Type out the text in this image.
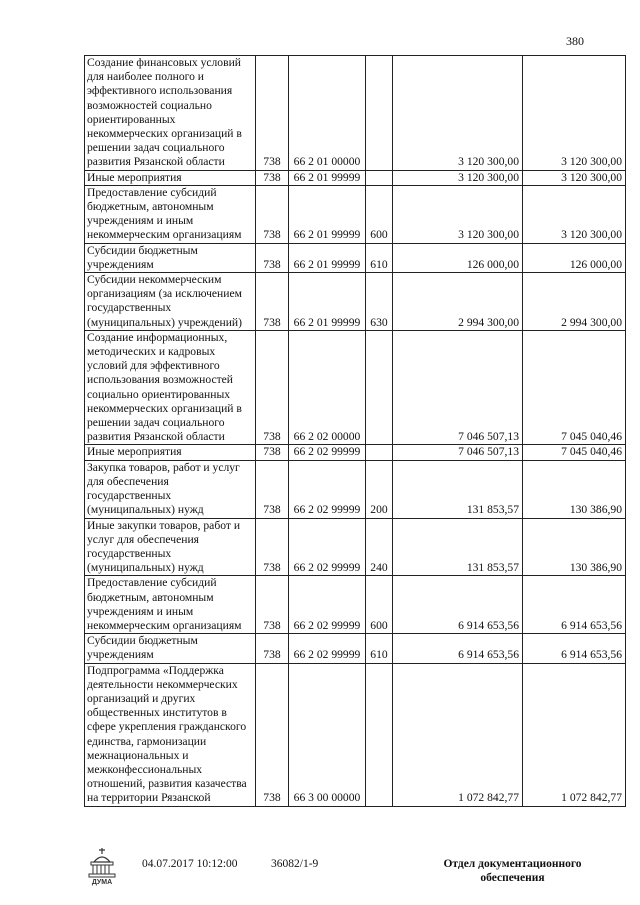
380
Создание финансовых условий для наиболее полного и эффективного использования возможностей социально ориентированных некоммерческих организаций в решении задач социального развития Рязанской области	738	66 2 01 00000		3 120 300,00	3 120 300,00
Иные мероприятия	738	66 2 01 99999		3 120 300,00	3 120 300,00
Предоставление субсидий бюджетным, автономным учреждениям и иным некоммерческим организациям	738	66 2 01 99999	600	3 120 300,00	3 120 300,00
Субсидии бюджетным учреждениям	738	66 2 01 99999	610	126 000,00	126 000,00
Субсидии некоммерческим организациям (за исключением государственных (муниципальных) учреждений)	738	66 2 01 99999	630	2 994 300,00	2 994 300,00
Создание информационных, методических и кадровых условий для эффективного использования возможностей социально ориентированных некоммерческих организаций в решении задач социального развития Рязанской области	738	66 2 02 00000		7 046 507,13	7 045 040,46
Иные мероприятия	738	66 2 02 99999		7 046 507,13	7 045 040,46
Закупка товаров, работ и услуг для обеспечения государственных (муниципальных) нужд	738	66 2 02 99999	200	131 853,57	130 386,90
Иные закупки товаров, работ и услуг для обеспечения государственных (муниципальных) нужд	738	66 2 02 99999	240	131 853,57	130 386,90
Предоставление субсидий бюджетным, автономным учреждениям и иным некоммерческим организациям	738	66 2 02 99999	600	6 914 653,56	6 914 653,56
Субсидии бюджетным учреждениям	738	66 2 02 99999	610	6 914 653,56	6 914 653,56
Подпрограмма «Поддержка деятельности некоммерческих организаций и других общественных институтов в сфере укрепления гражданского единства, гармонизации межнациональных и межконфессиональных отношений, развития казачества на территории Рязанской	738	66 3 00 00000		1 072 842,77	1 072 842,77
ДУМА
04.07.2017 10:12:00	36082/1-9	Отдел документационного обеспечения
